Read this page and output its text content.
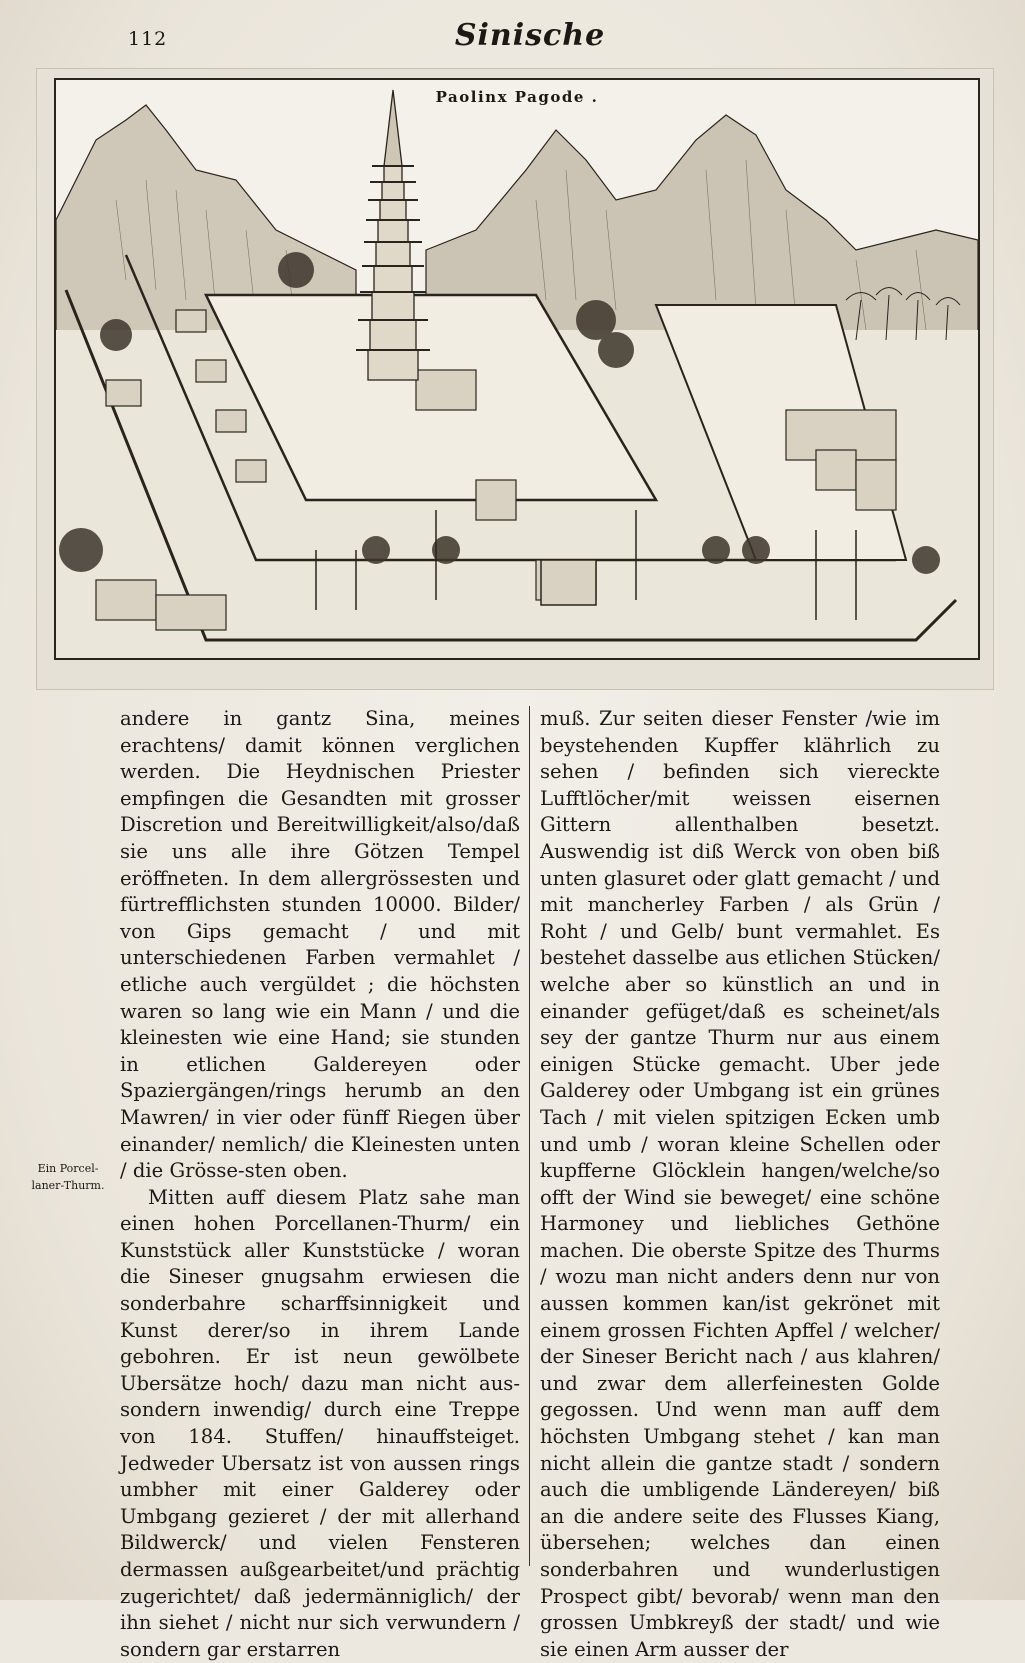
112	Sinische
Paolinx Pagode .
Ein Porcel-
laner-Thurm.

andere in gantz Sina, meines erachtens/ damit können verglichen werden. Die Heydnischen Priester empfingen die Gesandten mit grosser Discretion und Bereitwilligkeit/also/daß sie uns alle ihre Götzen Tempel eröffneten. In dem allergrössesten und fürtrefflichsten stunden 10000. Bilder/ von Gips gemacht / und mit unterschiedenen Farben vermahlet / etliche auch vergüldet ; die höchsten waren so lang wie ein Mann / und die kleinesten wie eine Hand; sie stunden in etlichen Galdereyen oder Spaziergängen/rings herumb an den Mawren/ in vier oder fünff Riegen über einander/ nemlich/ die Kleinesten unten / die Grösse-sten oben.

Mitten auff diesem Platz sahe man einen hohen Porcellanen-Thurm/ ein Kunststück aller Kunststücke / woran die Sineser gnugsahm erwiesen die sonderbahre scharffsinnigkeit und Kunst derer/so in ihrem Lande gebohren. Er ist neun gewölbete Ubersätze hoch/ dazu man nicht aus- sondern inwendig/ durch eine Treppe von 184. Stuffen/ hinauffsteiget. Jedweder Ubersatz ist von aussen rings umbher mit einer Galderey oder Umbgang gezieret / der mit allerhand Bildwerck/ und vielen Fensteren dermassen außgearbeitet/und prächtig zugerichtet/ daß jedermänniglich/ der ihn siehet / nicht nur sich verwundern / sondern gar erstarren

muß. Zur seiten dieser Fenster /wie im beystehenden Kupffer klährlich zu sehen / befinden sich viereckte Lufftlöcher/mit weissen eisernen Gittern allenthalben besetzt. Auswendig ist diß Werck von oben biß unten glasuret oder glatt gemacht / und mit mancherley Farben / als Grün / Roht / und Gelb/ bunt vermahlet. Es bestehet dasselbe aus etlichen Stücken/ welche aber so künstlich an und in einander gefüget/daß es scheinet/als sey der gantze Thurm nur aus einem einigen Stücke gemacht. Uber jede Galderey oder Umbgang ist ein grünes Tach / mit vielen spitzigen Ecken umb und umb / woran kleine Schellen oder kupfferne Glöcklein hangen/welche/so offt der Wind sie beweget/ eine schöne Harmoney und liebliches Gethöne machen. Die oberste Spitze des Thurms / wozu man nicht anders denn nur von aussen kommen kan/ist gekrönet mit einem grossen Fichten Apffel / welcher/ der Sineser Bericht nach / aus klahren/ und zwar dem allerfeinesten Golde gegossen. Und wenn man auff dem höchsten Umbgang stehet / kan man nicht allein die gantze stadt / sondern auch die umbligende Ländereyen/ biß an die andere seite des Flusses Kiang, übersehen; welches dan einen sonderbahren und wunderlustigen Prospect gibt/ bevorab/ wenn man den grossen Umbkreyß der stadt/ und wie sie einen Arm ausser der
